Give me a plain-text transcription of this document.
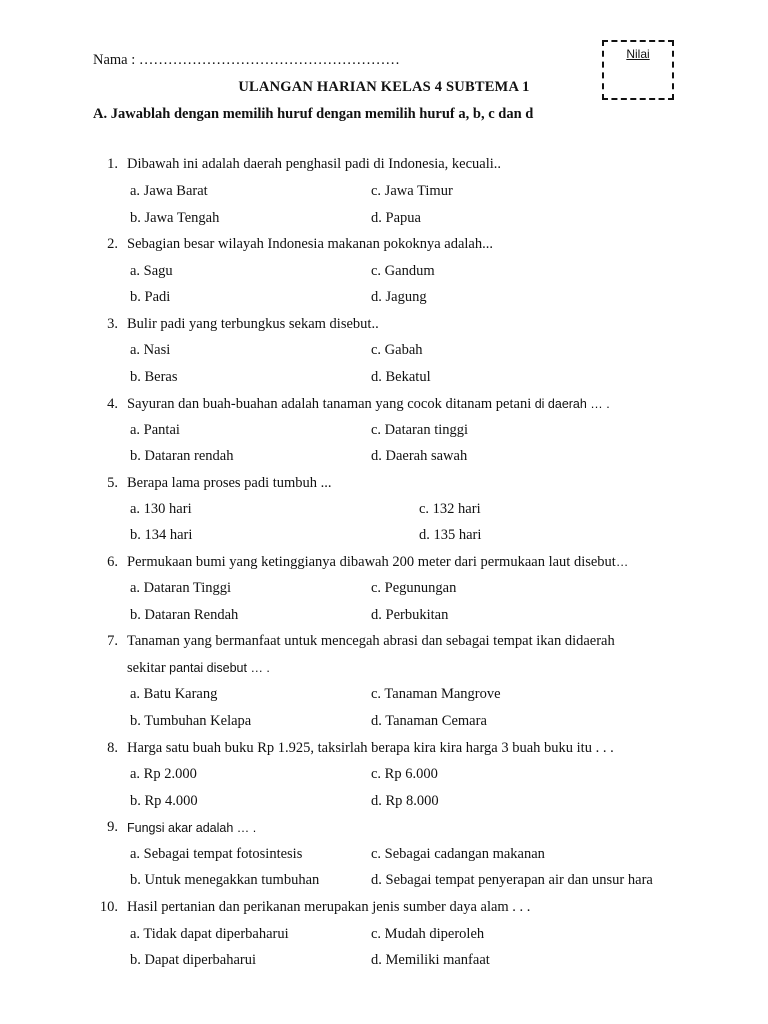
Nama : ………………………………………………	Nilai
ULANGAN HARIAN KELAS 4 SUBTEMA 1
A. Jawablah dengan memilih huruf dengan memilih huruf a, b, c dan d
1. Dibawah ini adalah daerah penghasil padi di Indonesia, kecuali..
a. Jawa Barat	c. Jawa Timur
b. Jawa Tengah	d. Papua
2. Sebagian besar wilayah Indonesia makanan pokoknya adalah...
a. Sagu	c. Gandum
b. Padi	d. Jagung
3. Bulir padi yang terbungkus sekam disebut..
a. Nasi	c. Gabah
b. Beras	d. Bekatul
4. Sayuran dan buah-buahan adalah tanaman yang cocok ditanam petani di daerah … .
a. Pantai	c. Dataran tinggi
b. Dataran rendah	d. Daerah sawah
5. Berapa lama proses padi tumbuh ...
a. 130 hari	c. 132 hari
b. 134 hari	d. 135 hari
6. Permukaan bumi yang ketinggianya dibawah 200 meter dari permukaan laut disebut…
a. Dataran Tinggi	c. Pegunungan
b. Dataran Rendah	d. Perbukitan
7. Tanaman yang bermanfaat untuk mencegah abrasi dan sebagai tempat ikan didaerah
sekitar pantai disebut … .
a. Batu Karang	c. Tanaman Mangrove
b. Tumbuhan Kelapa	d. Tanaman Cemara
8. Harga satu buah buku Rp 1.925, taksirlah berapa kira kira harga 3 buah buku itu . . .
a. Rp 2.000	c. Rp 6.000
b. Rp 4.000	d. Rp 8.000
9. Fungsi akar adalah … .
a. Sebagai tempat fotosintesis	c. Sebagai cadangan makanan
b. Untuk menegakkan tumbuhan	d. Sebagai tempat penyerapan air dan unsur hara
10. Hasil pertanian dan perikanan merupakan jenis sumber daya alam . . .
a. Tidak dapat diperbaharui	c. Mudah diperoleh
b. Dapat diperbaharui	d. Memiliki manfaat
